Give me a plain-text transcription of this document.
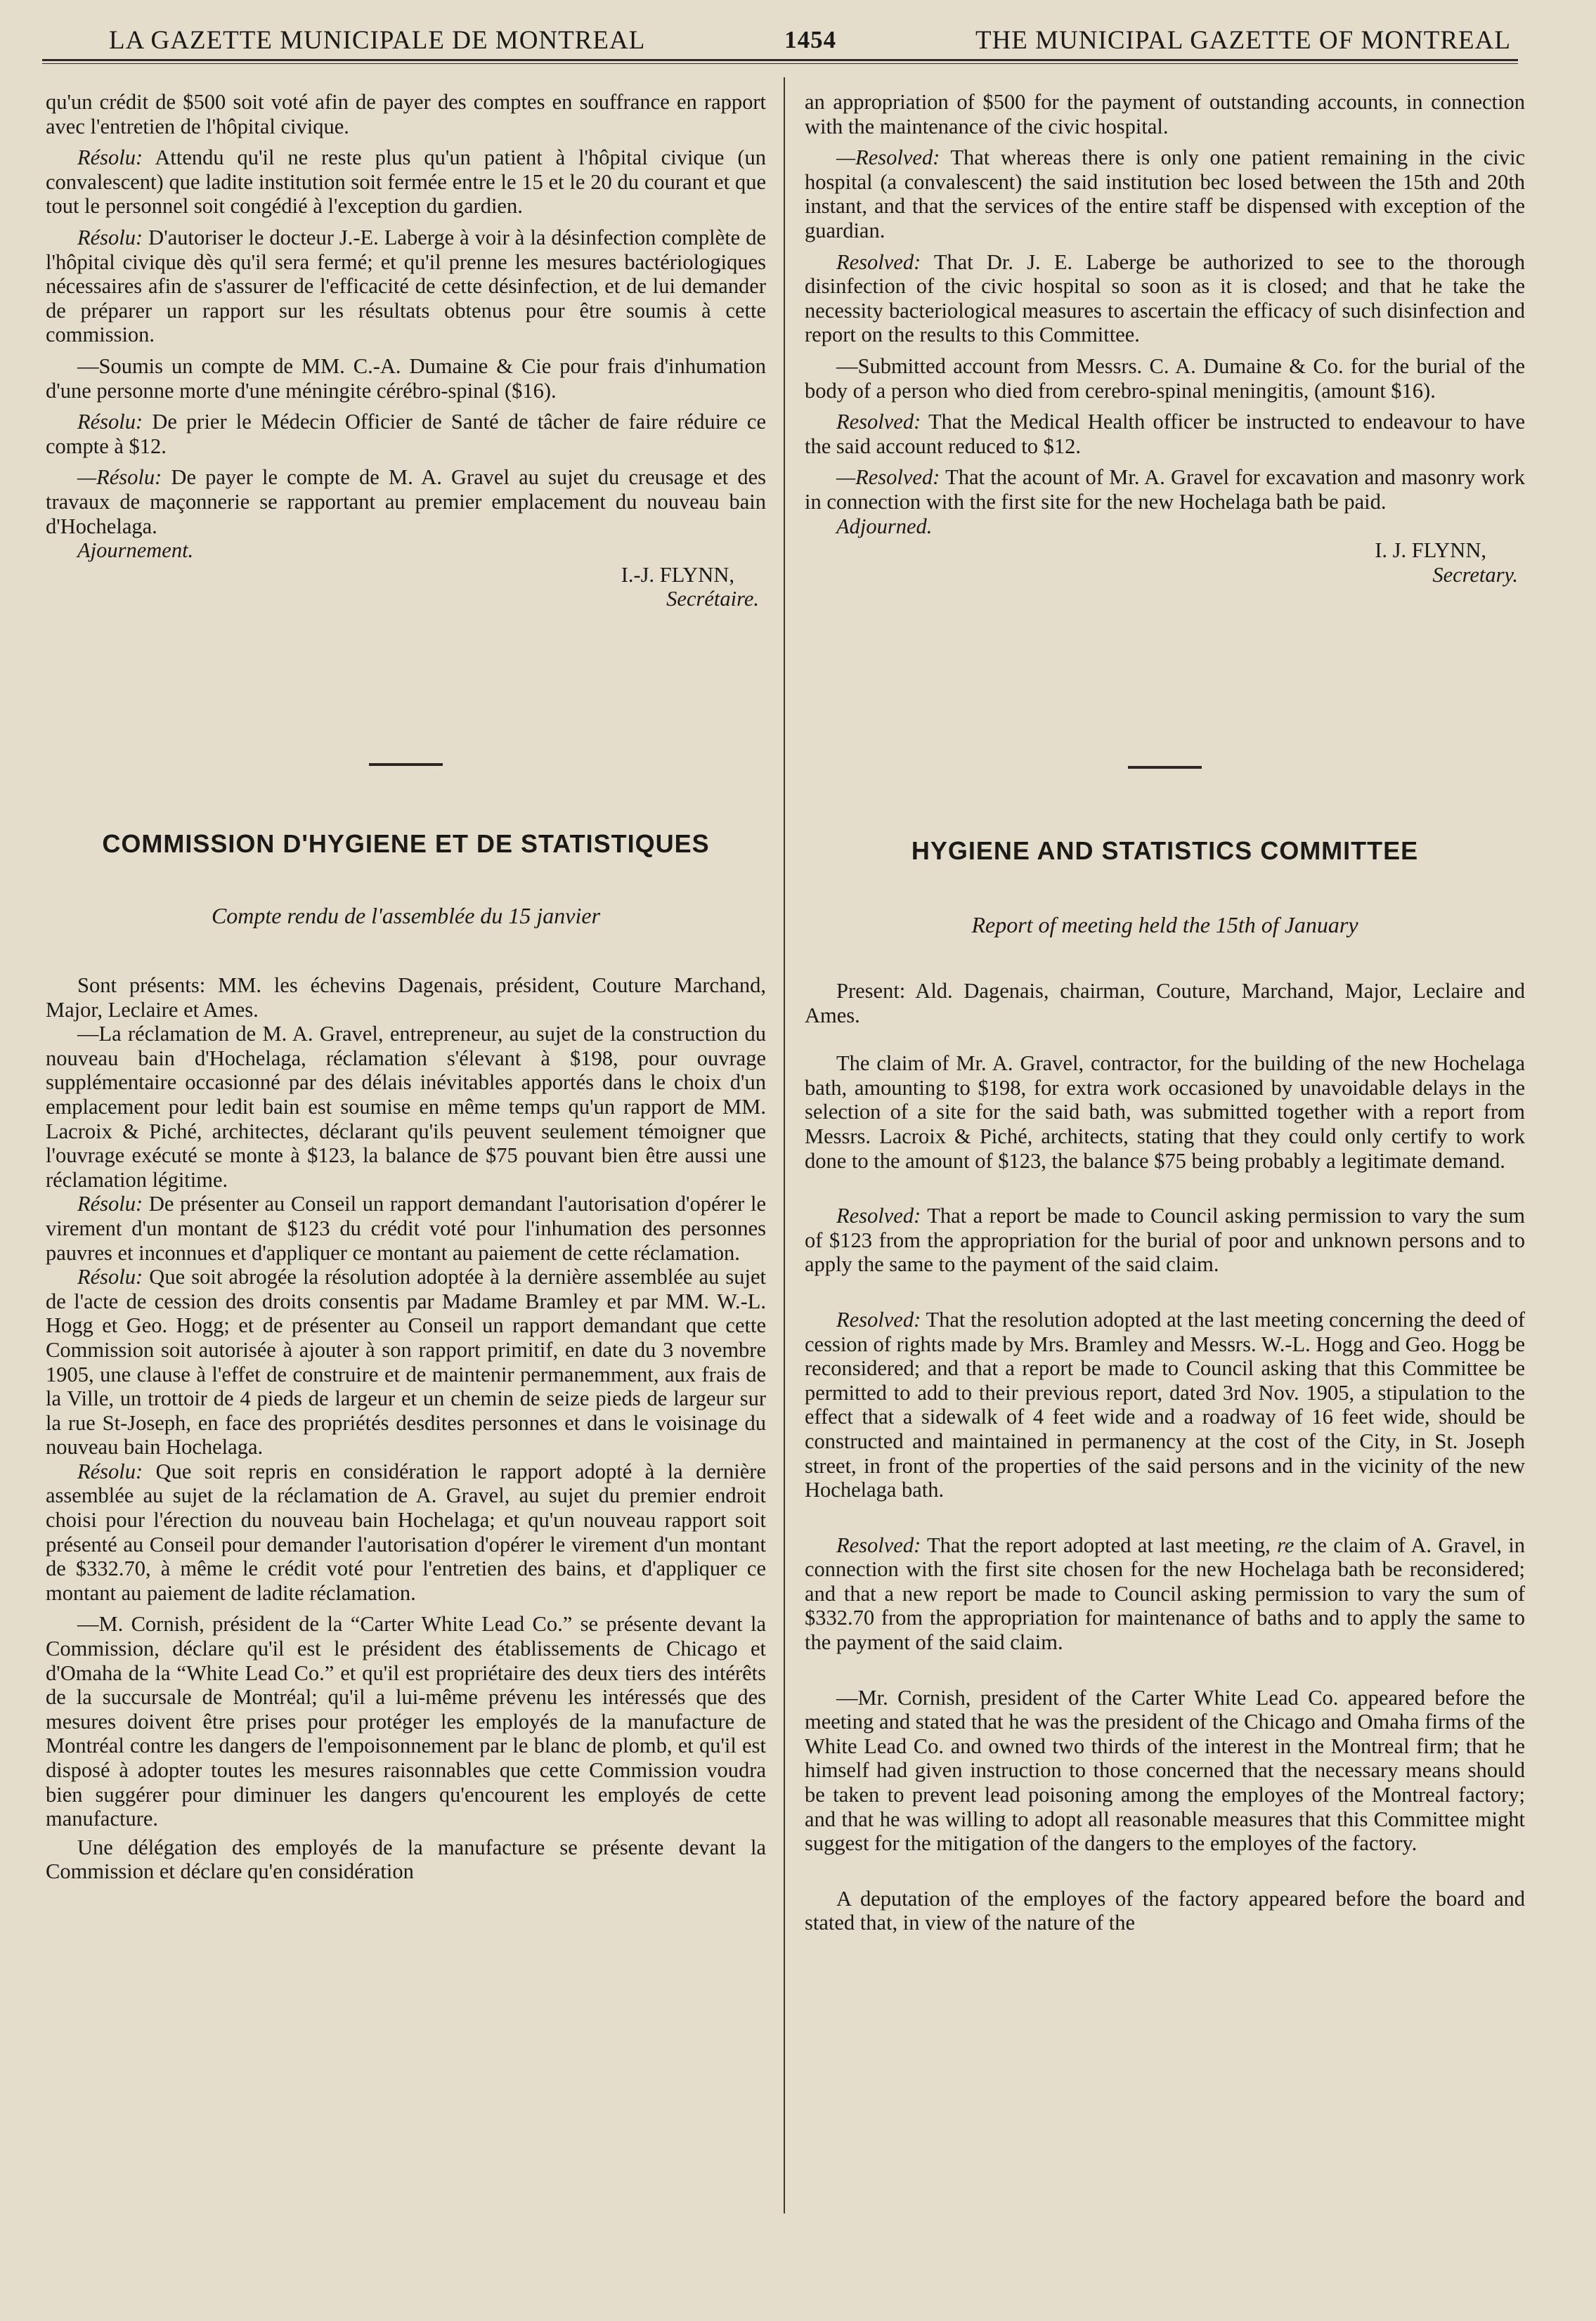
LA GAZETTE MUNICIPALE DE MONTREAL	1454	THE MUNICIPAL GAZETTE OF MONTREAL

qu'un crédit de $500 soit voté afin de payer des comptes en souffrance en rapport avec l'entretien de l'hôpital civique.

Résolu: Attendu qu'il ne reste plus qu'un patient à l'hôpital civique (un convalescent) que ladite institution soit fermée entre le 15 et le 20 du courant et que tout le personnel soit congédié à l'exception du gardien.

Résolu: D'autoriser le docteur J.-E. Laberge à voir à la désinfection complète de l'hôpital civique dès qu'il sera fermé; et qu'il prenne les mesures bactériologiques nécessaires afin de s'assurer de l'efficacité de cette désinfection, et de lui demander de préparer un rapport sur les résultats obtenus pour être soumis à cette commission.

—Soumis un compte de MM. C.-A. Dumaine & Cie pour frais d'inhumation d'une personne morte d'une méningite cérébro-spinal ($16).

Résolu: De prier le Médecin Officier de Santé de tâcher de faire réduire ce compte à $12.

—Résolu: De payer le compte de M. A. Gravel au sujet du creusage et des travaux de maçonnerie se rapportant au premier emplacement du nouveau bain d'Hochelaga.

Ajournement.

I.-J. FLYNN,

Secrétaire.

an appropriation of $500 for the payment of outstanding accounts, in connection with the maintenance of the civic hospital.

—Resolved: That whereas there is only one patient remaining in the civic hospital (a convalescent) the said institution bec losed between the 15th and 20th instant, and that the services of the entire staff be dispensed with exception of the guardian.

Resolved: That Dr. J. E. Laberge be authorized to see to the thorough disinfection of the civic hospital so soon as it is closed; and that he take the necessity bacteriological measures to ascertain the efficacy of such disinfection and report on the results to this Committee.

—Submitted account from Messrs. C. A. Dumaine & Co. for the burial of the body of a person who died from cerebro-spinal meningitis, (amount $16).

Resolved: That the Medical Health officer be instructed to endeavour to have the said account reduced to $12.

—Resolved: That the acount of Mr. A. Gravel for excavation and masonry work in connection with the first site for the new Hochelaga bath be paid.

Adjourned.

I. J. FLYNN,

Secretary.

COMMISSION D'HYGIENE ET DE STATISTIQUES	HYGIENE AND STATISTICS COMMITTEE
Compte rendu de l'assemblée du 15 janvier	Report of meeting held the 15th of January

Sont présents: MM. les échevins Dagenais, président, Couture Marchand, Major, Leclaire et Ames.

—La réclamation de M. A. Gravel, entrepreneur, au sujet de la construction du nouveau bain d'Hochelaga, réclamation s'élevant à $198, pour ouvrage supplémentaire occasionné par des délais inévitables apportés dans le choix d'un emplacement pour ledit bain est soumise en même temps qu'un rapport de MM. Lacroix & Piché, architectes, déclarant qu'ils peuvent seulement témoigner que l'ouvrage exécuté se monte à $123, la balance de $75 pouvant bien être aussi une réclamation légitime.

Résolu: De présenter au Conseil un rapport demandant l'autorisation d'opérer le virement d'un montant de $123 du crédit voté pour l'inhumation des personnes pauvres et inconnues et d'appliquer ce montant au paiement de cette réclamation.

Résolu: Que soit abrogée la résolution adoptée à la dernière assemblée au sujet de l'acte de cession des droits consentis par Madame Bramley et par MM. W.-L. Hogg et Geo. Hogg; et de présenter au Conseil un rapport demandant que cette Commission soit autorisée à ajouter à son rapport primitif, en date du 3 novembre 1905, une clause à l'effet de construire et de maintenir permanemment, aux frais de la Ville, un trottoir de 4 pieds de largeur et un chemin de seize pieds de largeur sur la rue St-Joseph, en face des propriétés desdites personnes et dans le voisinage du nouveau bain Hochelaga.

Résolu: Que soit repris en considération le rapport adopté à la dernière assemblée au sujet de la réclamation de A. Gravel, au sujet du premier endroit choisi pour l'érection du nouveau bain Hochelaga; et qu'un nouveau rapport soit présenté au Conseil pour demander l'autorisation d'opérer le virement d'un montant de $332.70, à même le crédit voté pour l'entretien des bains, et d'appliquer ce montant au paiement de ladite réclamation.

—M. Cornish, président de la “Carter White Lead Co.” se présente devant la Commission, déclare qu'il est le président des établissements de Chicago et d'Omaha de la “White Lead Co.” et qu'il est propriétaire des deux tiers des intérêts de la succursale de Montréal; qu'il a lui-même prévenu les intéressés que des mesures doivent être prises pour protéger les employés de la manufacture de Montréal contre les dangers de l'empoisonnement par le blanc de plomb, et qu'il est disposé à adopter toutes les mesures raisonnables que cette Commission voudra bien suggérer pour diminuer les dangers qu'encourent les employés de cette manufacture.

Une délégation des employés de la manufacture se présente devant la Commission et déclare qu'en considération

Present: Ald. Dagenais, chairman, Couture, Marchand, Major, Leclaire and Ames.

The claim of Mr. A. Gravel, contractor, for the building of the new Hochelaga bath, amounting to $198, for extra work occasioned by unavoidable delays in the selection of a site for the said bath, was submitted together with a report from Messrs. Lacroix & Piché, architects, stating that they could only certify to work done to the amount of $123, the balance $75 being probably a legitimate demand.

Resolved: That a report be made to Council asking permission to vary the sum of $123 from the appropriation for the burial of poor and unknown persons and to apply the same to the payment of the said claim.

Resolved: That the resolution adopted at the last meeting concerning the deed of cession of rights made by Mrs. Bramley and Messrs. W.-L. Hogg and Geo. Hogg be reconsidered; and that a report be made to Council asking that this Committee be permitted to add to their previous report, dated 3rd Nov. 1905, a stipulation to the effect that a sidewalk of 4 feet wide and a roadway of 16 feet wide, should be constructed and maintained in permanency at the cost of the City, in St. Joseph street, in front of the properties of the said persons and in the vicinity of the new Hochelaga bath.

Resolved: That the report adopted at last meeting, re the claim of A. Gravel, in connection with the first site chosen for the new Hochelaga bath be reconsidered; and that a new report be made to Council asking permission to vary the sum of $332.70 from the appropriation for maintenance of baths and to apply the same to the payment of the said claim.

—Mr. Cornish, president of the Carter White Lead Co. appeared before the meeting and stated that he was the president of the Chicago and Omaha firms of the White Lead Co. and owned two thirds of the interest in the Montreal firm; that he himself had given instruction to those concerned that the necessary means should be taken to prevent lead poisoning among the employes of the Montreal factory; and that he was willing to adopt all reasonable measures that this Committee might suggest for the mitigation of the dangers to the employes of the factory.

A deputation of the employes of the factory appeared before the board and stated that, in view of the nature of the
